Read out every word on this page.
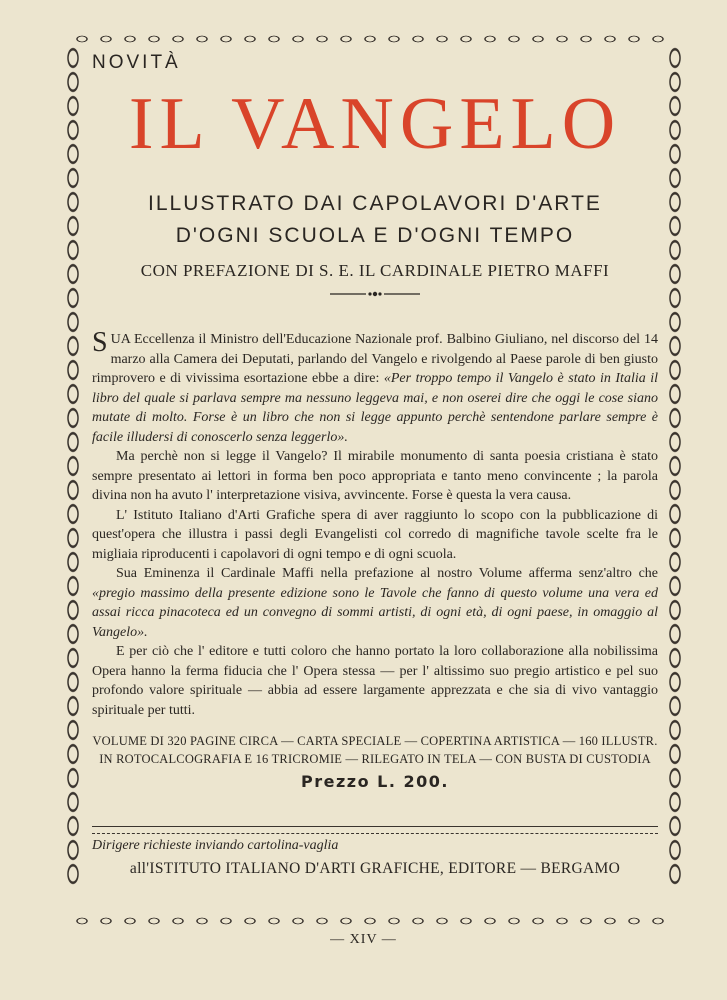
NOVITÀ
IL VANGELO
ILLUSTRATO DAI CAPOLAVORI D'ARTE
D'OGNI SCUOLA E D'OGNI TEMPO
CON PREFAZIONE DI S. E. IL CARDINALE PIETRO MAFFI

SUA Eccellenza il Ministro dell'Educazione Nazionale prof. Balbino Giuliano, nel discorso del 14 marzo alla Camera dei Deputati, parlando del Vangelo e rivolgendo al Paese parole di ben giusto rimprovero e di vivissima esortazione ebbe a dire: «Per troppo tempo il Vangelo è stato in Italia il libro del quale si parlava sempre ma nessuno leggeva mai, e non oserei dire che oggi le cose siano mutate di molto. Forse è un libro che non si legge appunto perchè sentendone parlare sempre è facile illudersi di conoscerlo senza leggerlo».

Ma perchè non si legge il Vangelo? Il mirabile monumento di santa poesia cristiana è stato sempre presentato ai lettori in forma ben poco appropriata e tanto meno convincente ; la parola divina non ha avuto l' interpretazione visiva, avvincente. Forse è questa la vera causa.

L' Istituto Italiano d'Arti Grafiche spera di aver raggiunto lo scopo con la pubblicazione di quest'opera che illustra i passi degli Evangelisti col corredo di magnifiche tavole scelte fra le migliaia riproducenti i capolavori di ogni tempo e di ogni scuola.

Sua Eminenza il Cardinale Maffi nella prefazione al nostro Volume afferma senz'altro che «pregio massimo della presente edizione sono le Tavole che fanno di questo volume una vera ed assai ricca pinacoteca ed un convegno di sommi artisti, di ogni età, di ogni paese, in omaggio al Vangelo».

E per ciò che l' editore e tutti coloro che hanno portato la loro collaborazione alla nobilissima Opera hanno la ferma fiducia che l' Opera stessa — per l' altissimo suo pregio artistico e pel suo profondo valore spirituale — abbia ad essere largamente apprezzata e che sia di vivo vantaggio spirituale per tutti.

VOLUME DI 320 PAGINE CIRCA — CARTA SPECIALE — COPERTINA ARTISTICA — 160 ILLUSTR.
IN ROTOCALCOGRAFIA E 16 TRICROMIE — RILEGATO IN TELA — CON BUSTA DI CUSTODIA
Prezzo L. 200.

Dirigere richieste inviando cartolina-vaglia

all'ISTITUTO ITALIANO D'ARTI GRAFICHE, EDITORE — BERGAMO

— XIV —
